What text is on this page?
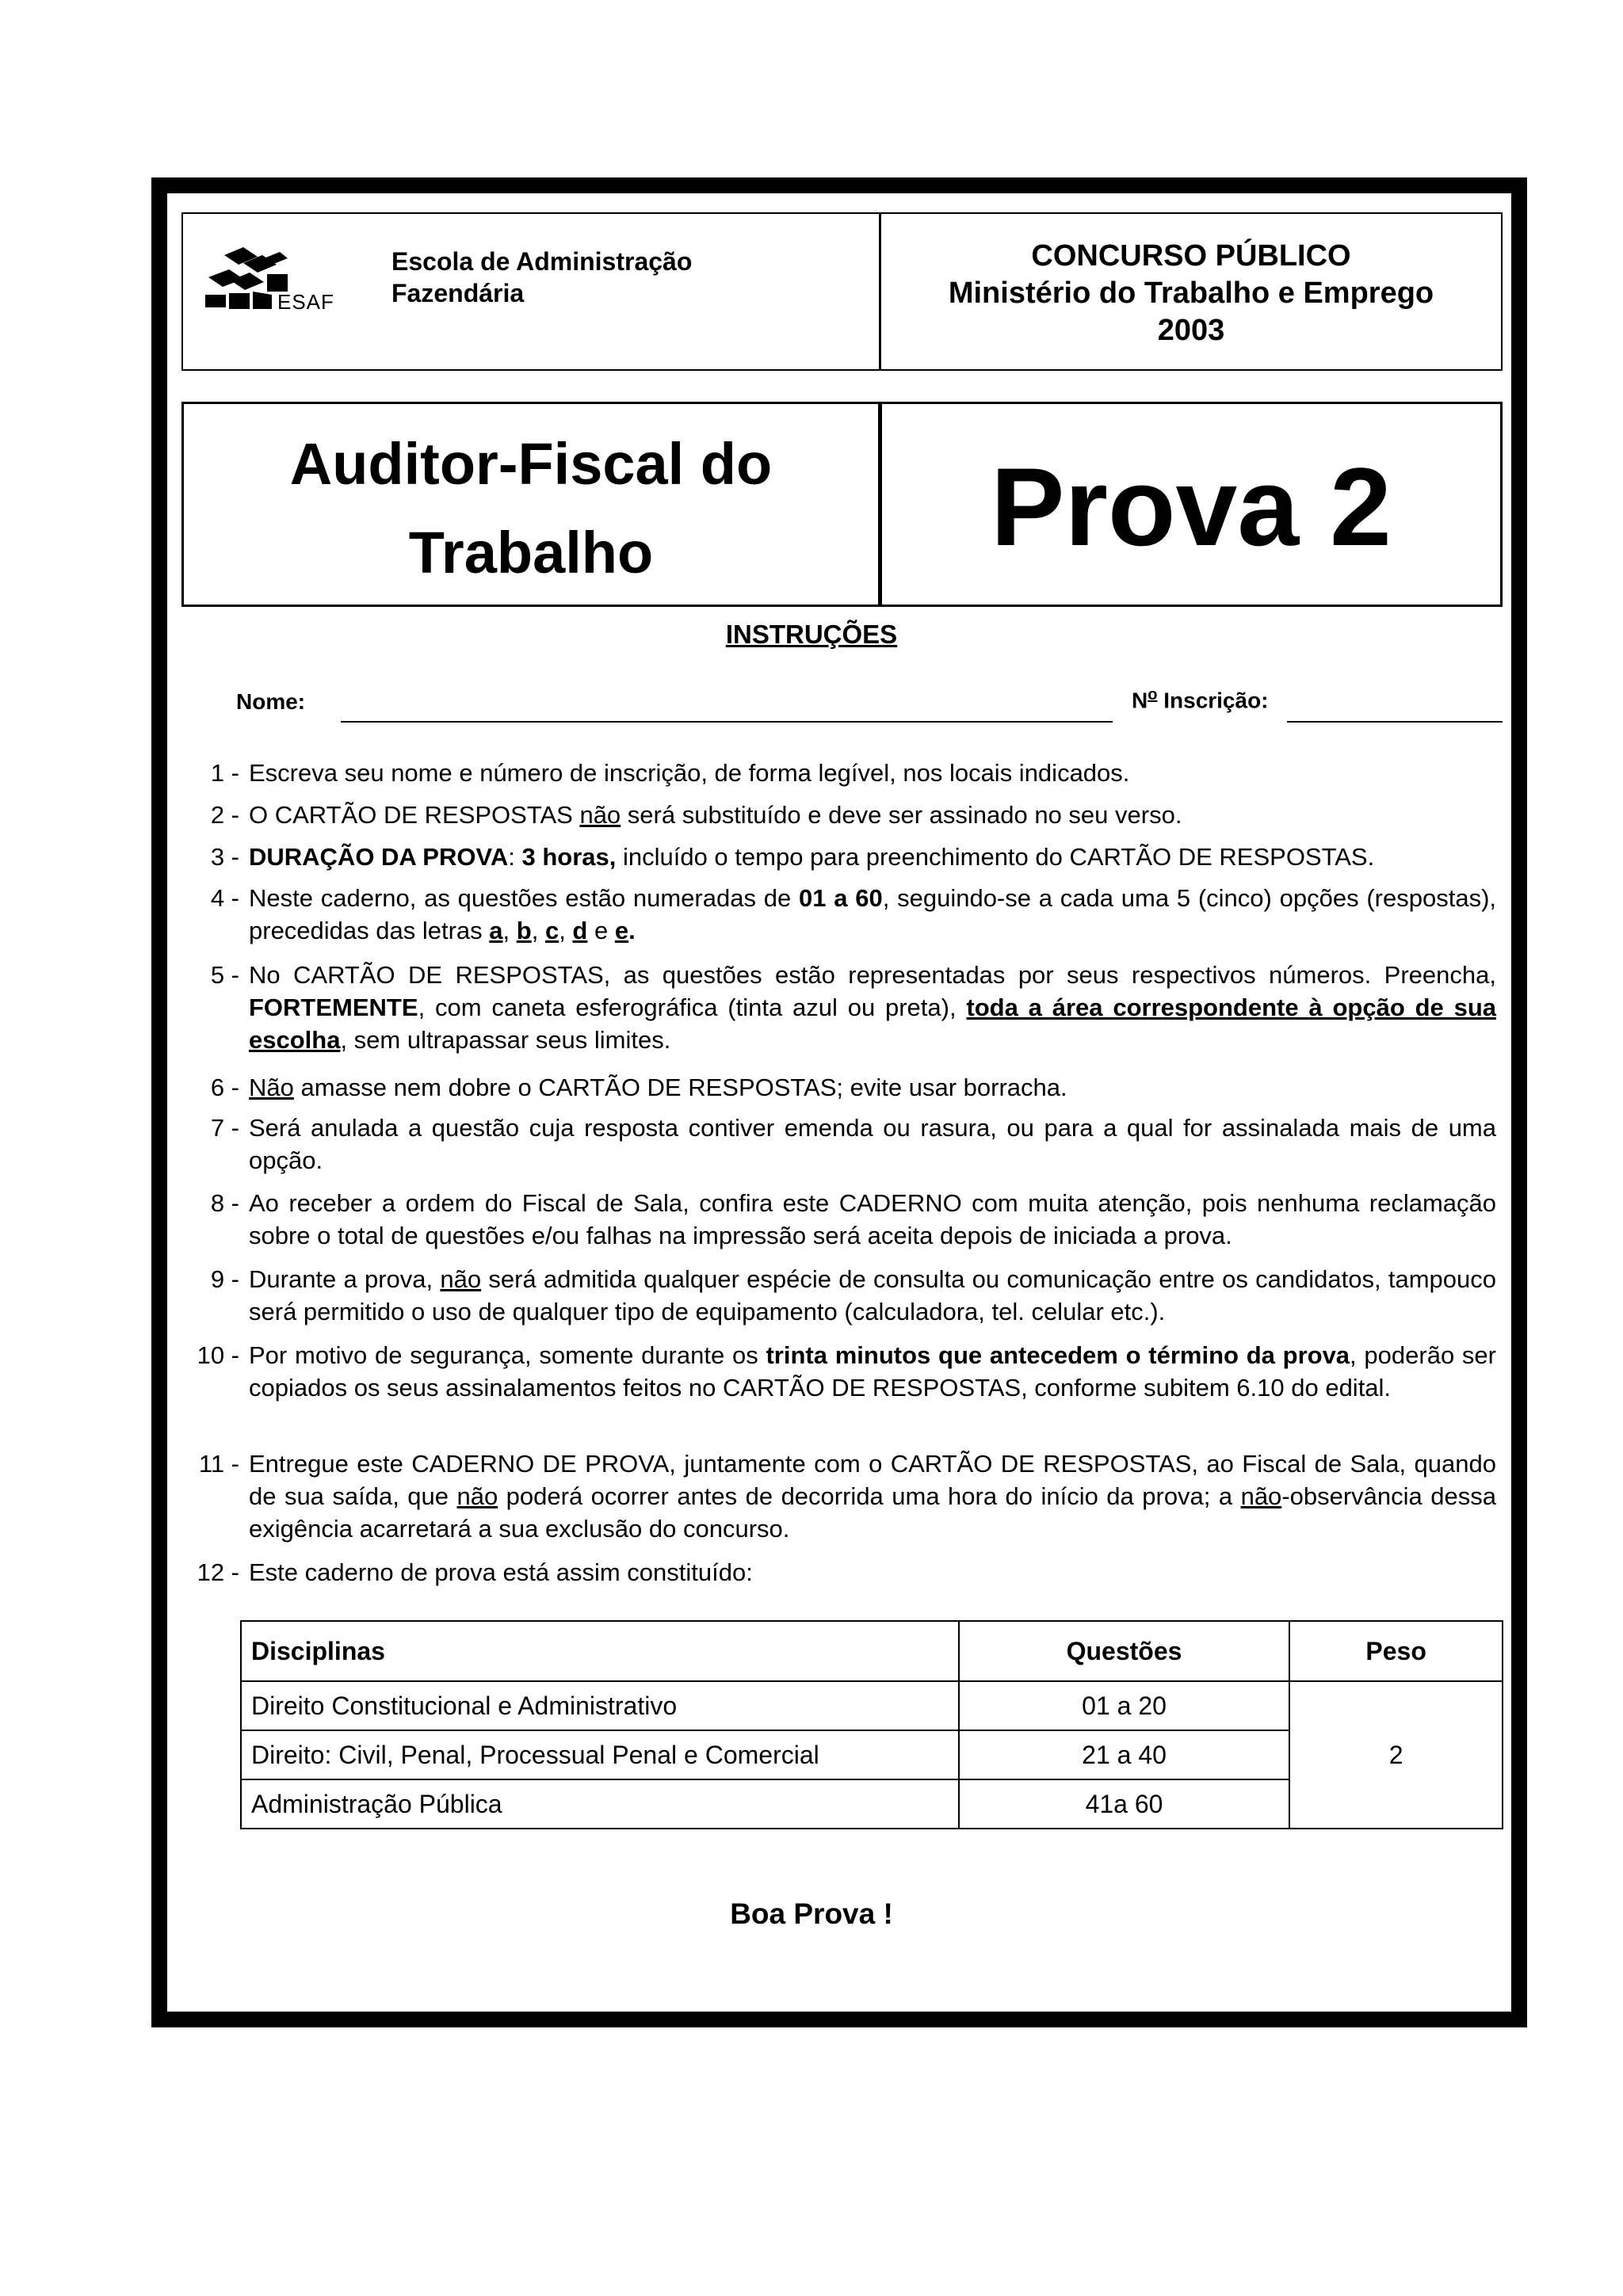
ESAF
Escola de Administração
Fazendária
CONCURSO PÚBLICO
Ministério do Trabalho e Emprego
2003
Auditor-Fiscal do
Trabalho	Prova 2
INSTRUÇÕES
Nome:	$N^o$ Inscrição:
1 - Escreva seu nome e número de inscrição, de forma legível, nos locais indicados.
2 - O CARTÃO DE RESPOSTAS não será substituído e deve ser assinado no seu verso.
3 - DURAÇÃO DA PROVA: 3 horas, incluído o tempo para preenchimento do CARTÃO DE RESPOSTAS.
4 - Neste caderno, as questões estão numeradas de 01 a 60, seguindo-se a cada uma 5 (cinco) opções (respostas), precedidas das letras a, b, c, d e e.
5 - No CARTÃO DE RESPOSTAS, as questões estão representadas por seus respectivos números. Preencha, FORTEMENTE, com caneta esferográfica (tinta azul ou preta), toda a área correspondente à opção de sua escolha, sem ultrapassar seus limites.
6 - Não amasse nem dobre o CARTÃO DE RESPOSTAS; evite usar borracha.
7 - Será anulada a questão cuja resposta contiver emenda ou rasura, ou para a qual for assinalada mais de uma opção.
8 - Ao receber a ordem do Fiscal de Sala, confira este CADERNO com muita atenção, pois nenhuma reclamação sobre o total de questões e/ou falhas na impressão será aceita depois de iniciada a prova.
9 - Durante a prova, não será admitida qualquer espécie de consulta ou comunicação entre os candidatos, tampouco será permitido o uso de qualquer tipo de equipamento (calculadora, tel. celular etc.).
10 - Por motivo de segurança, somente durante os trinta minutos que antecedem o término da prova, poderão ser copiados os seus assinalamentos feitos no CARTÃO DE RESPOSTAS, conforme subitem 6.10 do edital.
11 - Entregue este CADERNO DE PROVA, juntamente com o CARTÃO DE RESPOSTAS, ao Fiscal de Sala, quando de sua saída, que não poderá ocorrer antes de decorrida uma hora do início da prova; a não-observância dessa exigência acarretará a sua exclusão do concurso.
12 - Este caderno de prova está assim constituído:
Disciplinas	Questões	Peso
Direito Constitucional e Administrativo	01 a 20	2
Direito: Civil, Penal, Processual Penal e Comercial	21 a 40	
Administração Pública	41a 60	
Boa Prova !
